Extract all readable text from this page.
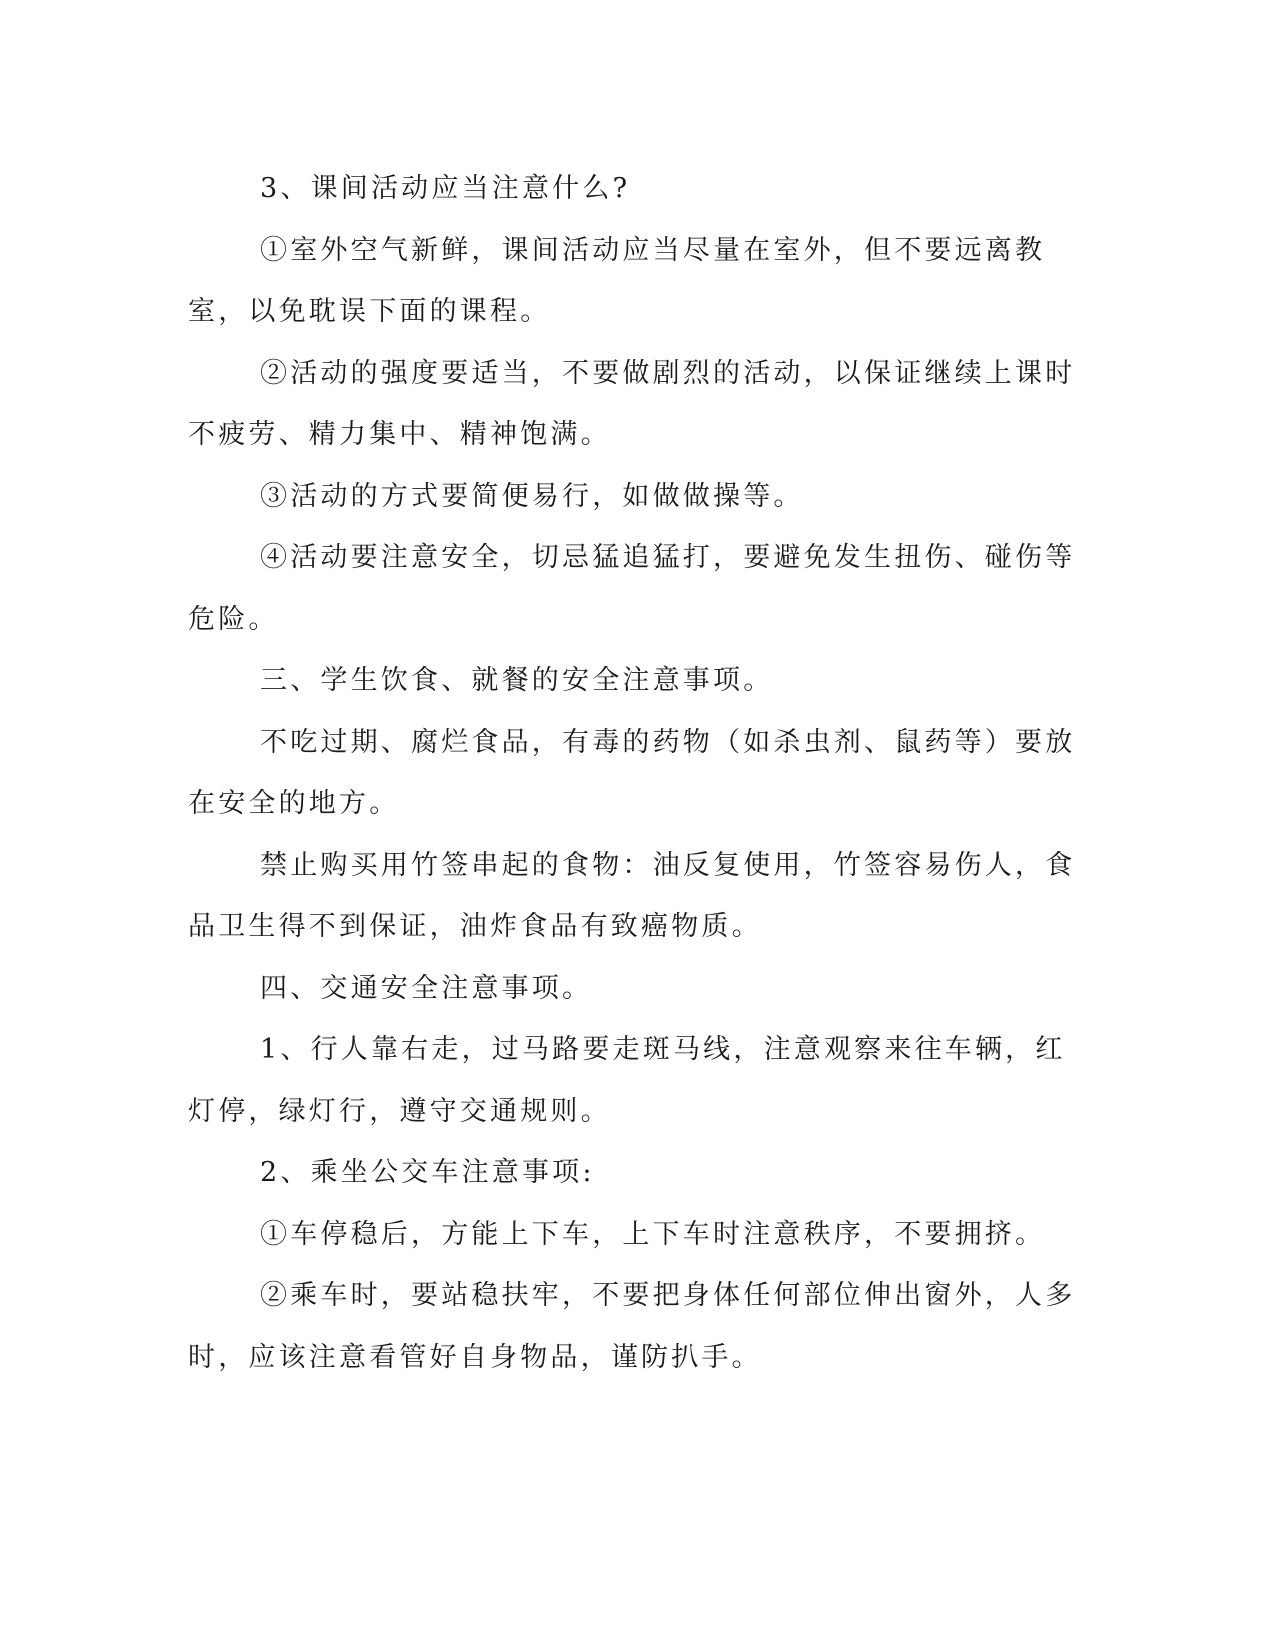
3、课间活动应当注意什么?

①室外空气新鲜，课间活动应当尽量在室外，但不要远离教室，以免耽误下面的课程。

②活动的强度要适当，不要做剧烈的活动，以保证继续上课时不疲劳、精力集中、精神饱满。

③活动的方式要简便易行，如做做操等。

④活动要注意安全，切忌猛追猛打，要避免发生扭伤、碰伤等危险。

三、学生饮食、就餐的安全注意事项。

不吃过期、腐烂食品，有毒的药物（如杀虫剂、鼠药等）要放在安全的地方。

禁止购买用竹签串起的食物：油反复使用，竹签容易伤人，食品卫生得不到保证，油炸食品有致癌物质。

四、交通安全注意事项。

1、行人靠右走，过马路要走斑马线，注意观察来往车辆，红灯停，绿灯行，遵守交通规则。

2、乘坐公交车注意事项:

①车停稳后，方能上下车，上下车时注意秩序，不要拥挤。

②乘车时，要站稳扶牢，不要把身体任何部位伸出窗外，人多时，应该注意看管好自身物品，谨防扒手。
